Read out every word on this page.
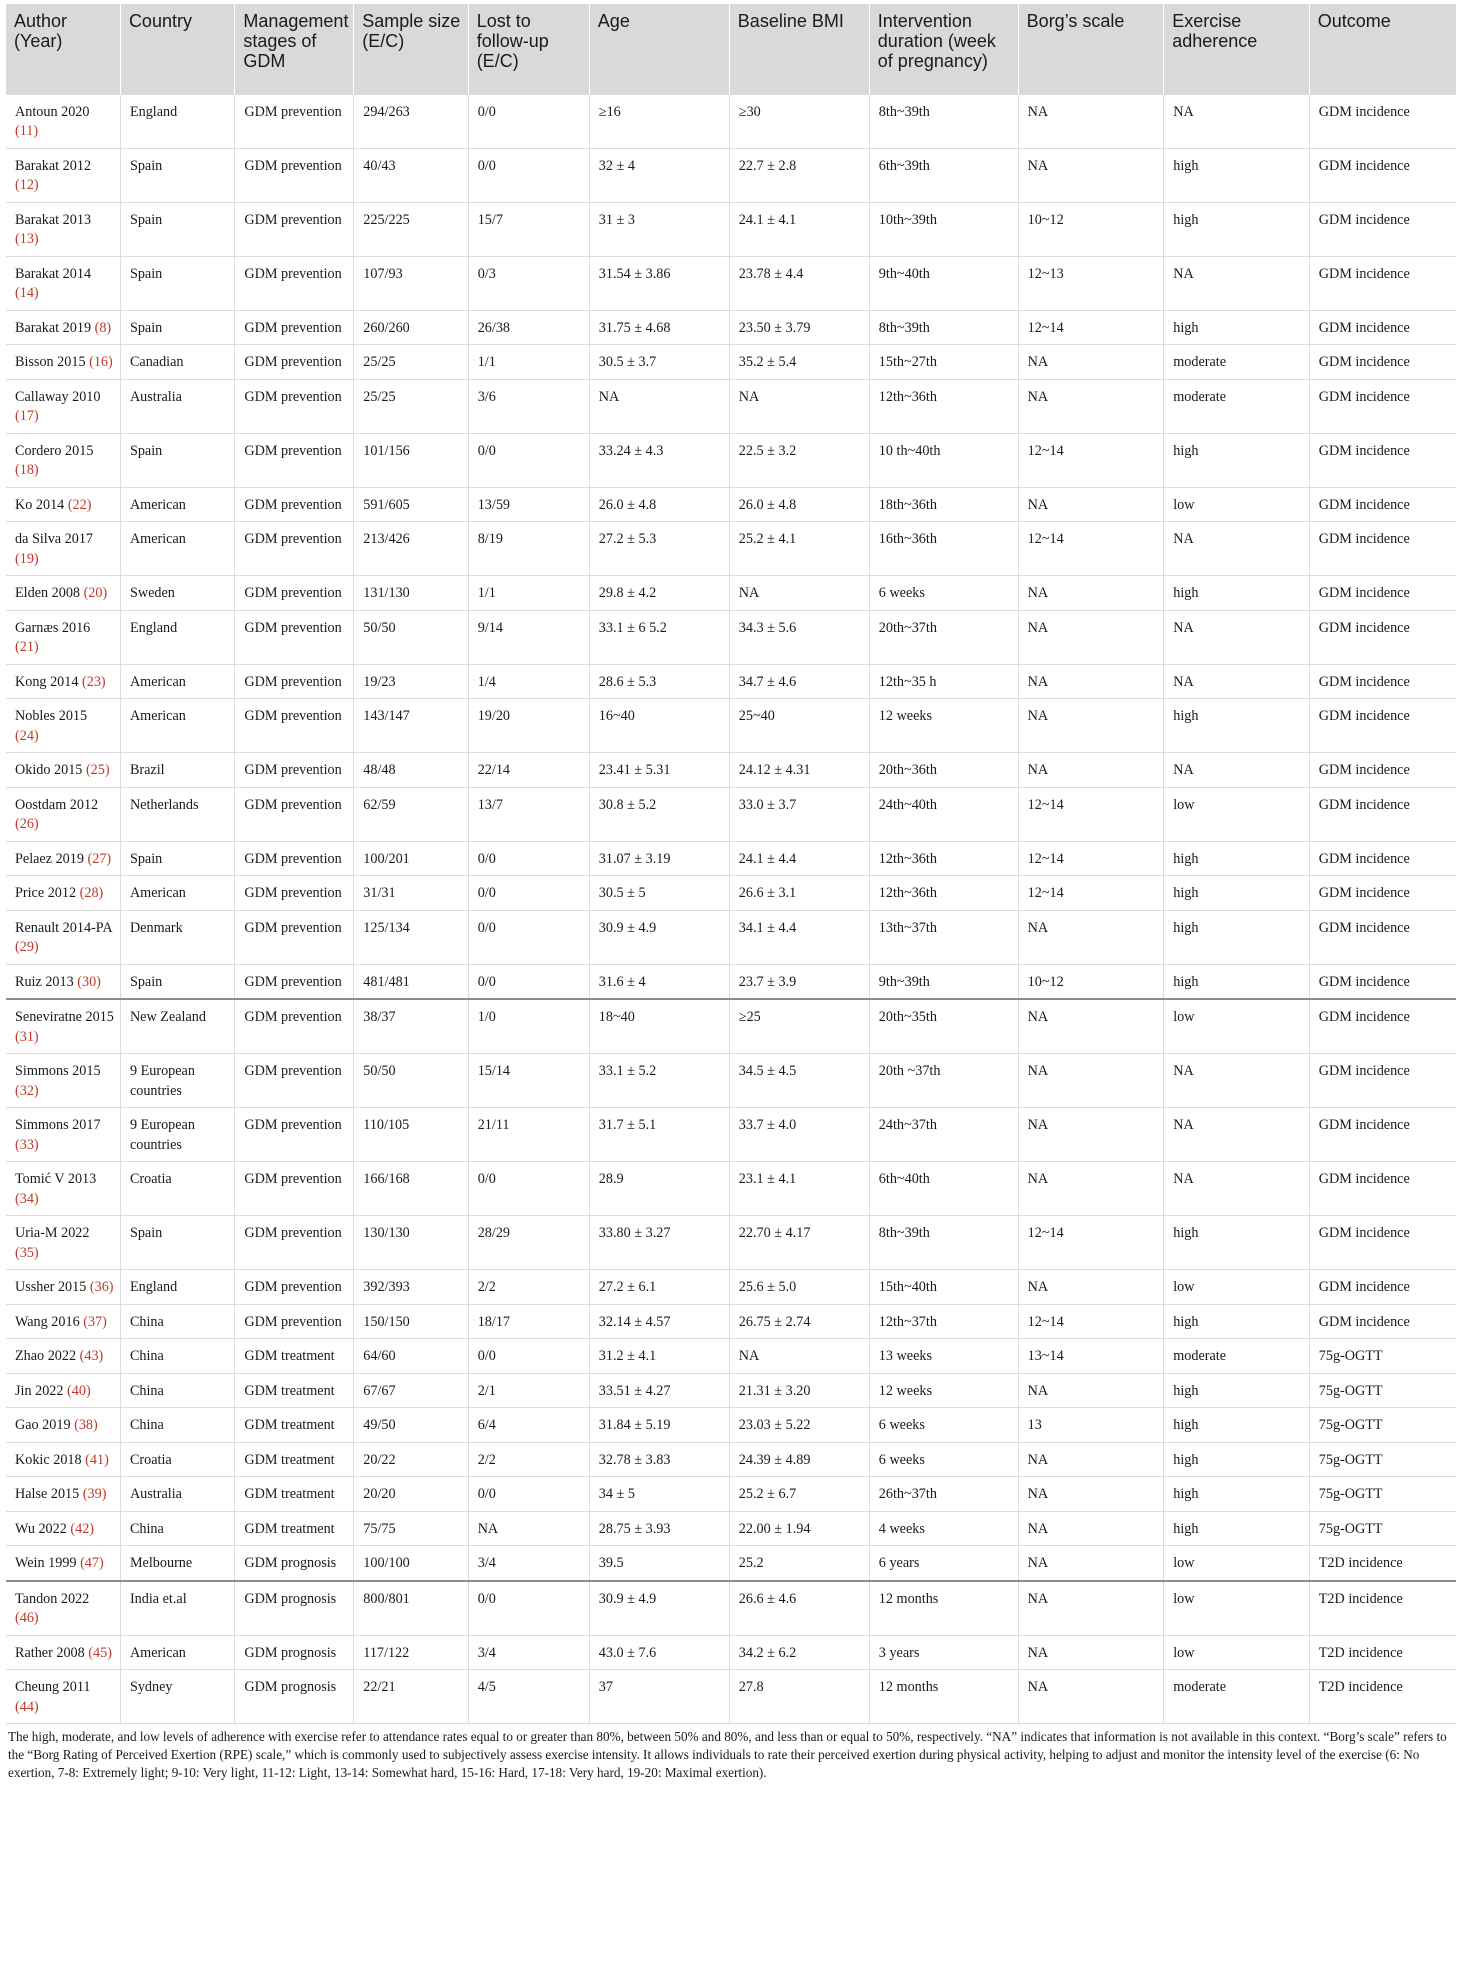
Author (Year)	Country	Management stages of GDM	Sample size (E/C)	Lost to follow-up (E/C)	Age	Baseline BMI	Intervention duration (week of pregnancy)	Borg’s scale	Exercise adherence	Outcome
Antoun 2020 (11)	England	GDM prevention	294/263	0/0	≥16	≥30	8th~39th	NA	NA	GDM incidence
Barakat 2012 (12)	Spain	GDM prevention	40/43	0/0	32 ± 4	22.7 ± 2.8	6th~39th	NA	high	GDM incidence
Barakat 2013 (13)	Spain	GDM prevention	225/225	15/7	31 ± 3	24.1 ± 4.1	10th~39th	10~12	high	GDM incidence
Barakat 2014 (14)	Spain	GDM prevention	107/93	0/3	31.54 ± 3.86	23.78 ± 4.4	9th~40th	12~13	NA	GDM incidence
Barakat 2019 (8)	Spain	GDM prevention	260/260	26/38	31.75 ± 4.68	23.50 ± 3.79	8th~39th	12~14	high	GDM incidence
Bisson 2015 (16)	Canadian	GDM prevention	25/25	1/1	30.5 ± 3.7	35.2 ± 5.4	15th~27th	NA	moderate	GDM incidence
Callaway 2010 (17)	Australia	GDM prevention	25/25	3/6	NA	NA	12th~36th	NA	moderate	GDM incidence
Cordero 2015 (18)	Spain	GDM prevention	101/156	0/0	33.24 ± 4.3	22.5 ± 3.2	10 th~40th	12~14	high	GDM incidence
Ko 2014 (22)	American	GDM prevention	591/605	13/59	26.0 ± 4.8	26.0 ± 4.8	18th~36th	NA	low	GDM incidence
da Silva 2017 (19)	American	GDM prevention	213/426	8/19	27.2 ± 5.3	25.2 ± 4.1	16th~36th	12~14	NA	GDM incidence
Elden 2008 (20)	Sweden	GDM prevention	131/130	1/1	29.8 ± 4.2	NA	6 weeks	NA	high	GDM incidence
Garnæs 2016 (21)	England	GDM prevention	50/50	9/14	33.1 ± 6 5.2	34.3 ± 5.6	20th~37th	NA	NA	GDM incidence
Kong 2014 (23)	American	GDM prevention	19/23	1/4	28.6 ± 5.3	34.7 ± 4.6	12th~35 h	NA	NA	GDM incidence
Nobles 2015 (24)	American	GDM prevention	143/147	19/20	16~40	25~40	12 weeks	NA	high	GDM incidence
Okido 2015 (25)	Brazil	GDM prevention	48/48	22/14	23.41 ± 5.31	24.12 ± 4.31	20th~36th	NA	NA	GDM incidence
Oostdam 2012 (26)	Netherlands	GDM prevention	62/59	13/7	30.8 ± 5.2	33.0 ± 3.7	24th~40th	12~14	low	GDM incidence
Pelaez 2019 (27)	Spain	GDM prevention	100/201	0/0	31.07 ± 3.19	24.1 ± 4.4	12th~36th	12~14	high	GDM incidence
Price 2012 (28)	American	GDM prevention	31/31	0/0	30.5 ± 5	26.6 ± 3.1	12th~36th	12~14	high	GDM incidence
Renault 2014-PA (29)	Denmark	GDM prevention	125/134	0/0	30.9 ± 4.9	34.1 ± 4.4	13th~37th	NA	high	GDM incidence
Ruiz 2013 (30)	Spain	GDM prevention	481/481	0/0	31.6 ± 4	23.7 ± 3.9	9th~39th	10~12	high	GDM incidence
Seneviratne 2015 (31)	New Zealand	GDM prevention	38/37	1/0	18~40	≥25	20th~35th	NA	low	GDM incidence
Simmons 2015 (32)	9 European countries	GDM prevention	50/50	15/14	33.1 ± 5.2	34.5 ± 4.5	20th ~37th	NA	NA	GDM incidence
Simmons 2017 (33)	9 European countries	GDM prevention	110/105	21/11	31.7 ± 5.1	33.7 ± 4.0	24th~37th	NA	NA	GDM incidence
Tomić V 2013 (34)	Croatia	GDM prevention	166/168	0/0	28.9	23.1 ± 4.1	6th~40th	NA	NA	GDM incidence
Uria-M 2022 (35)	Spain	GDM prevention	130/130	28/29	33.80 ± 3.27	22.70 ± 4.17	8th~39th	12~14	high	GDM incidence
Ussher 2015 (36)	England	GDM prevention	392/393	2/2	27.2 ± 6.1	25.6 ± 5.0	15th~40th	NA	low	GDM incidence
Wang 2016 (37)	China	GDM prevention	150/150	18/17	32.14 ± 4.57	26.75 ± 2.74	12th~37th	12~14	high	GDM incidence
Zhao 2022 (43)	China	GDM treatment	64/60	0/0	31.2 ± 4.1	NA	13 weeks	13~14	moderate	75g-OGTT
Jin 2022 (40)	China	GDM treatment	67/67	2/1	33.51 ± 4.27	21.31 ± 3.20	12 weeks	NA	high	75g-OGTT
Gao 2019 (38)	China	GDM treatment	49/50	6/4	31.84 ± 5.19	23.03 ± 5.22	6 weeks	13	high	75g-OGTT
Kokic 2018 (41)	Croatia	GDM treatment	20/22	2/2	32.78 ± 3.83	24.39 ± 4.89	6 weeks	NA	high	75g-OGTT
Halse 2015 (39)	Australia	GDM treatment	20/20	0/0	34 ± 5	25.2 ± 6.7	26th~37th	NA	high	75g-OGTT
Wu 2022 (42)	China	GDM treatment	75/75	NA	28.75 ± 3.93	22.00 ± 1.94	4 weeks	NA	high	75g-OGTT
Wein 1999 (47)	Melbourne	GDM prognosis	100/100	3/4	39.5	25.2	6 years	NA	low	T2D incidence
Tandon 2022 (46)	India et.al	GDM prognosis	800/801	0/0	30.9 ± 4.9	26.6 ± 4.6	12 months	NA	low	T2D incidence
Rather 2008 (45)	American	GDM prognosis	117/122	3/4	43.0 ± 7.6	34.2 ± 6.2	3 years	NA	low	T2D incidence
Cheung 2011 (44)	Sydney	GDM prognosis	22/21	4/5	37	27.8	12 months	NA	moderate	T2D incidence
The high, moderate, and low levels of adherence with exercise refer to attendance rates equal to or greater than 80%, between 50% and 80%, and less than or equal to 50%, respectively. “NA” indicates that information is not available in this context. “Borg’s scale” refers to the “Borg Rating of Perceived Exertion (RPE) scale,” which is commonly used to subjectively assess exercise intensity. It allows individuals to rate their perceived exertion during physical activity, helping to adjust and monitor the intensity level of the exercise (6: No exertion, 7-8: Extremely light; 9-10: Very light, 11-12: Light, 13-14: Somewhat hard, 15-16: Hard, 17-18: Very hard, 19-20: Maximal exertion).
